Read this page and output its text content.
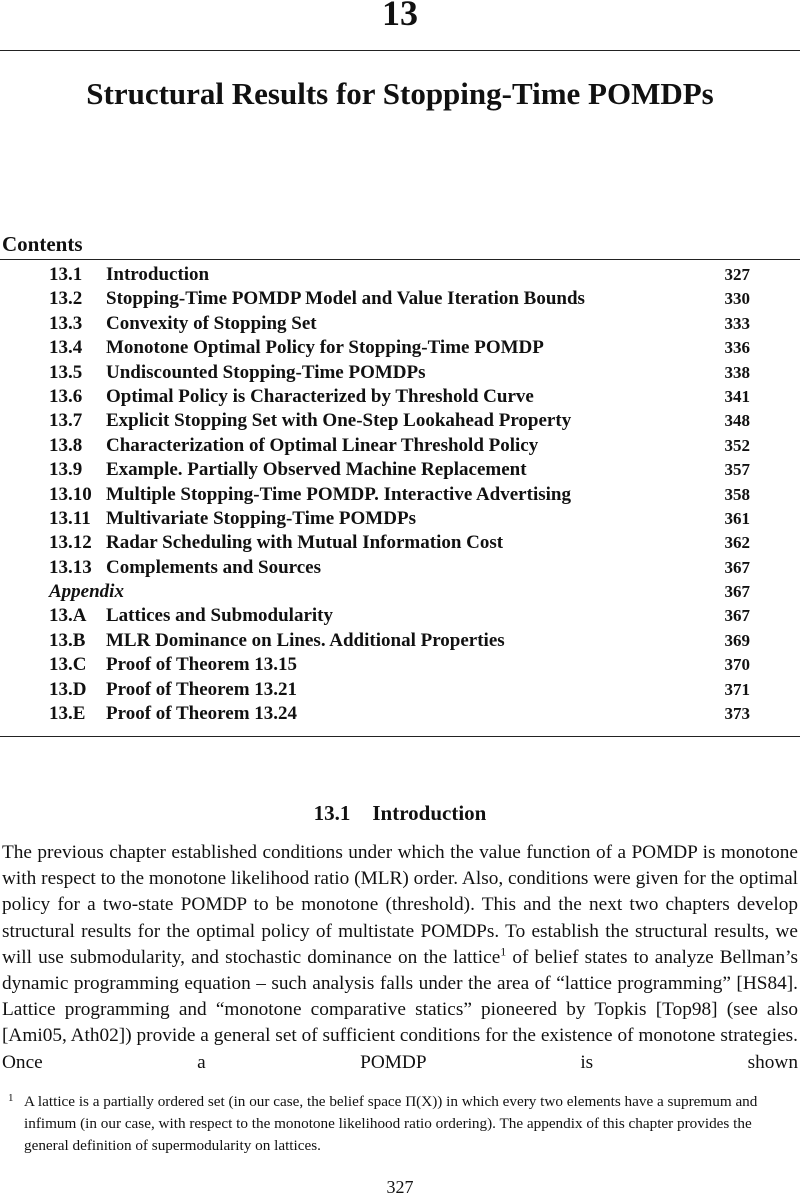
13
Structural Results for Stopping-Time POMDPs
Contents
13.1 Introduction	327
13.2 Stopping-Time POMDP Model and Value Iteration Bounds	330
13.3 Convexity of Stopping Set	333
13.4 Monotone Optimal Policy for Stopping-Time POMDP	336
13.5 Undiscounted Stopping-Time POMDPs	338
13.6 Optimal Policy is Characterized by Threshold Curve	341
13.7 Explicit Stopping Set with One-Step Lookahead Property	348
13.8 Characterization of Optimal Linear Threshold Policy	352
13.9 Example. Partially Observed Machine Replacement	357
13.10 Multiple Stopping-Time POMDP. Interactive Advertising	358
13.11 Multivariate Stopping-Time POMDPs	361
13.12 Radar Scheduling with Mutual Information Cost	362
13.13 Complements and Sources	367
Appendix	367
13.A Lattices and Submodularity	367
13.B MLR Dominance on Lines. Additional Properties	369
13.C Proof of Theorem 13.15	370
13.D Proof of Theorem 13.21	371
13.E Proof of Theorem 13.24	373
13.1 Introduction
The previous chapter established conditions under which the value function of a POMDP is monotone with respect to the monotone likelihood ratio (MLR) order. Also, conditions were given for the optimal policy for a two-state POMDP to be monotone (threshold). This and the next two chapters develop structural results for the optimal policy of multistate POMDPs. To establish the structural results, we will use submodularity, and stochastic dominance on the lattice$^1$ of belief states to analyze Bellman’s dynamic programming equation – such analysis falls under the area of “lattice programming” [HS84]. Lattice programming and “monotone comparative statics” pioneered by Topkis [Top98] (see also [Ami05, Ath02]) provide a general set of sufficient conditions for the existence of monotone strategies. Once a POMDP is shown
1 A lattice is a partially ordered set (in our case, the belief space Π(X)) in which every two elements have a supremum and infimum (in our case, with respect to the monotone likelihood ratio ordering). The appendix of this chapter provides the general definition of supermodularity on lattices.
327
